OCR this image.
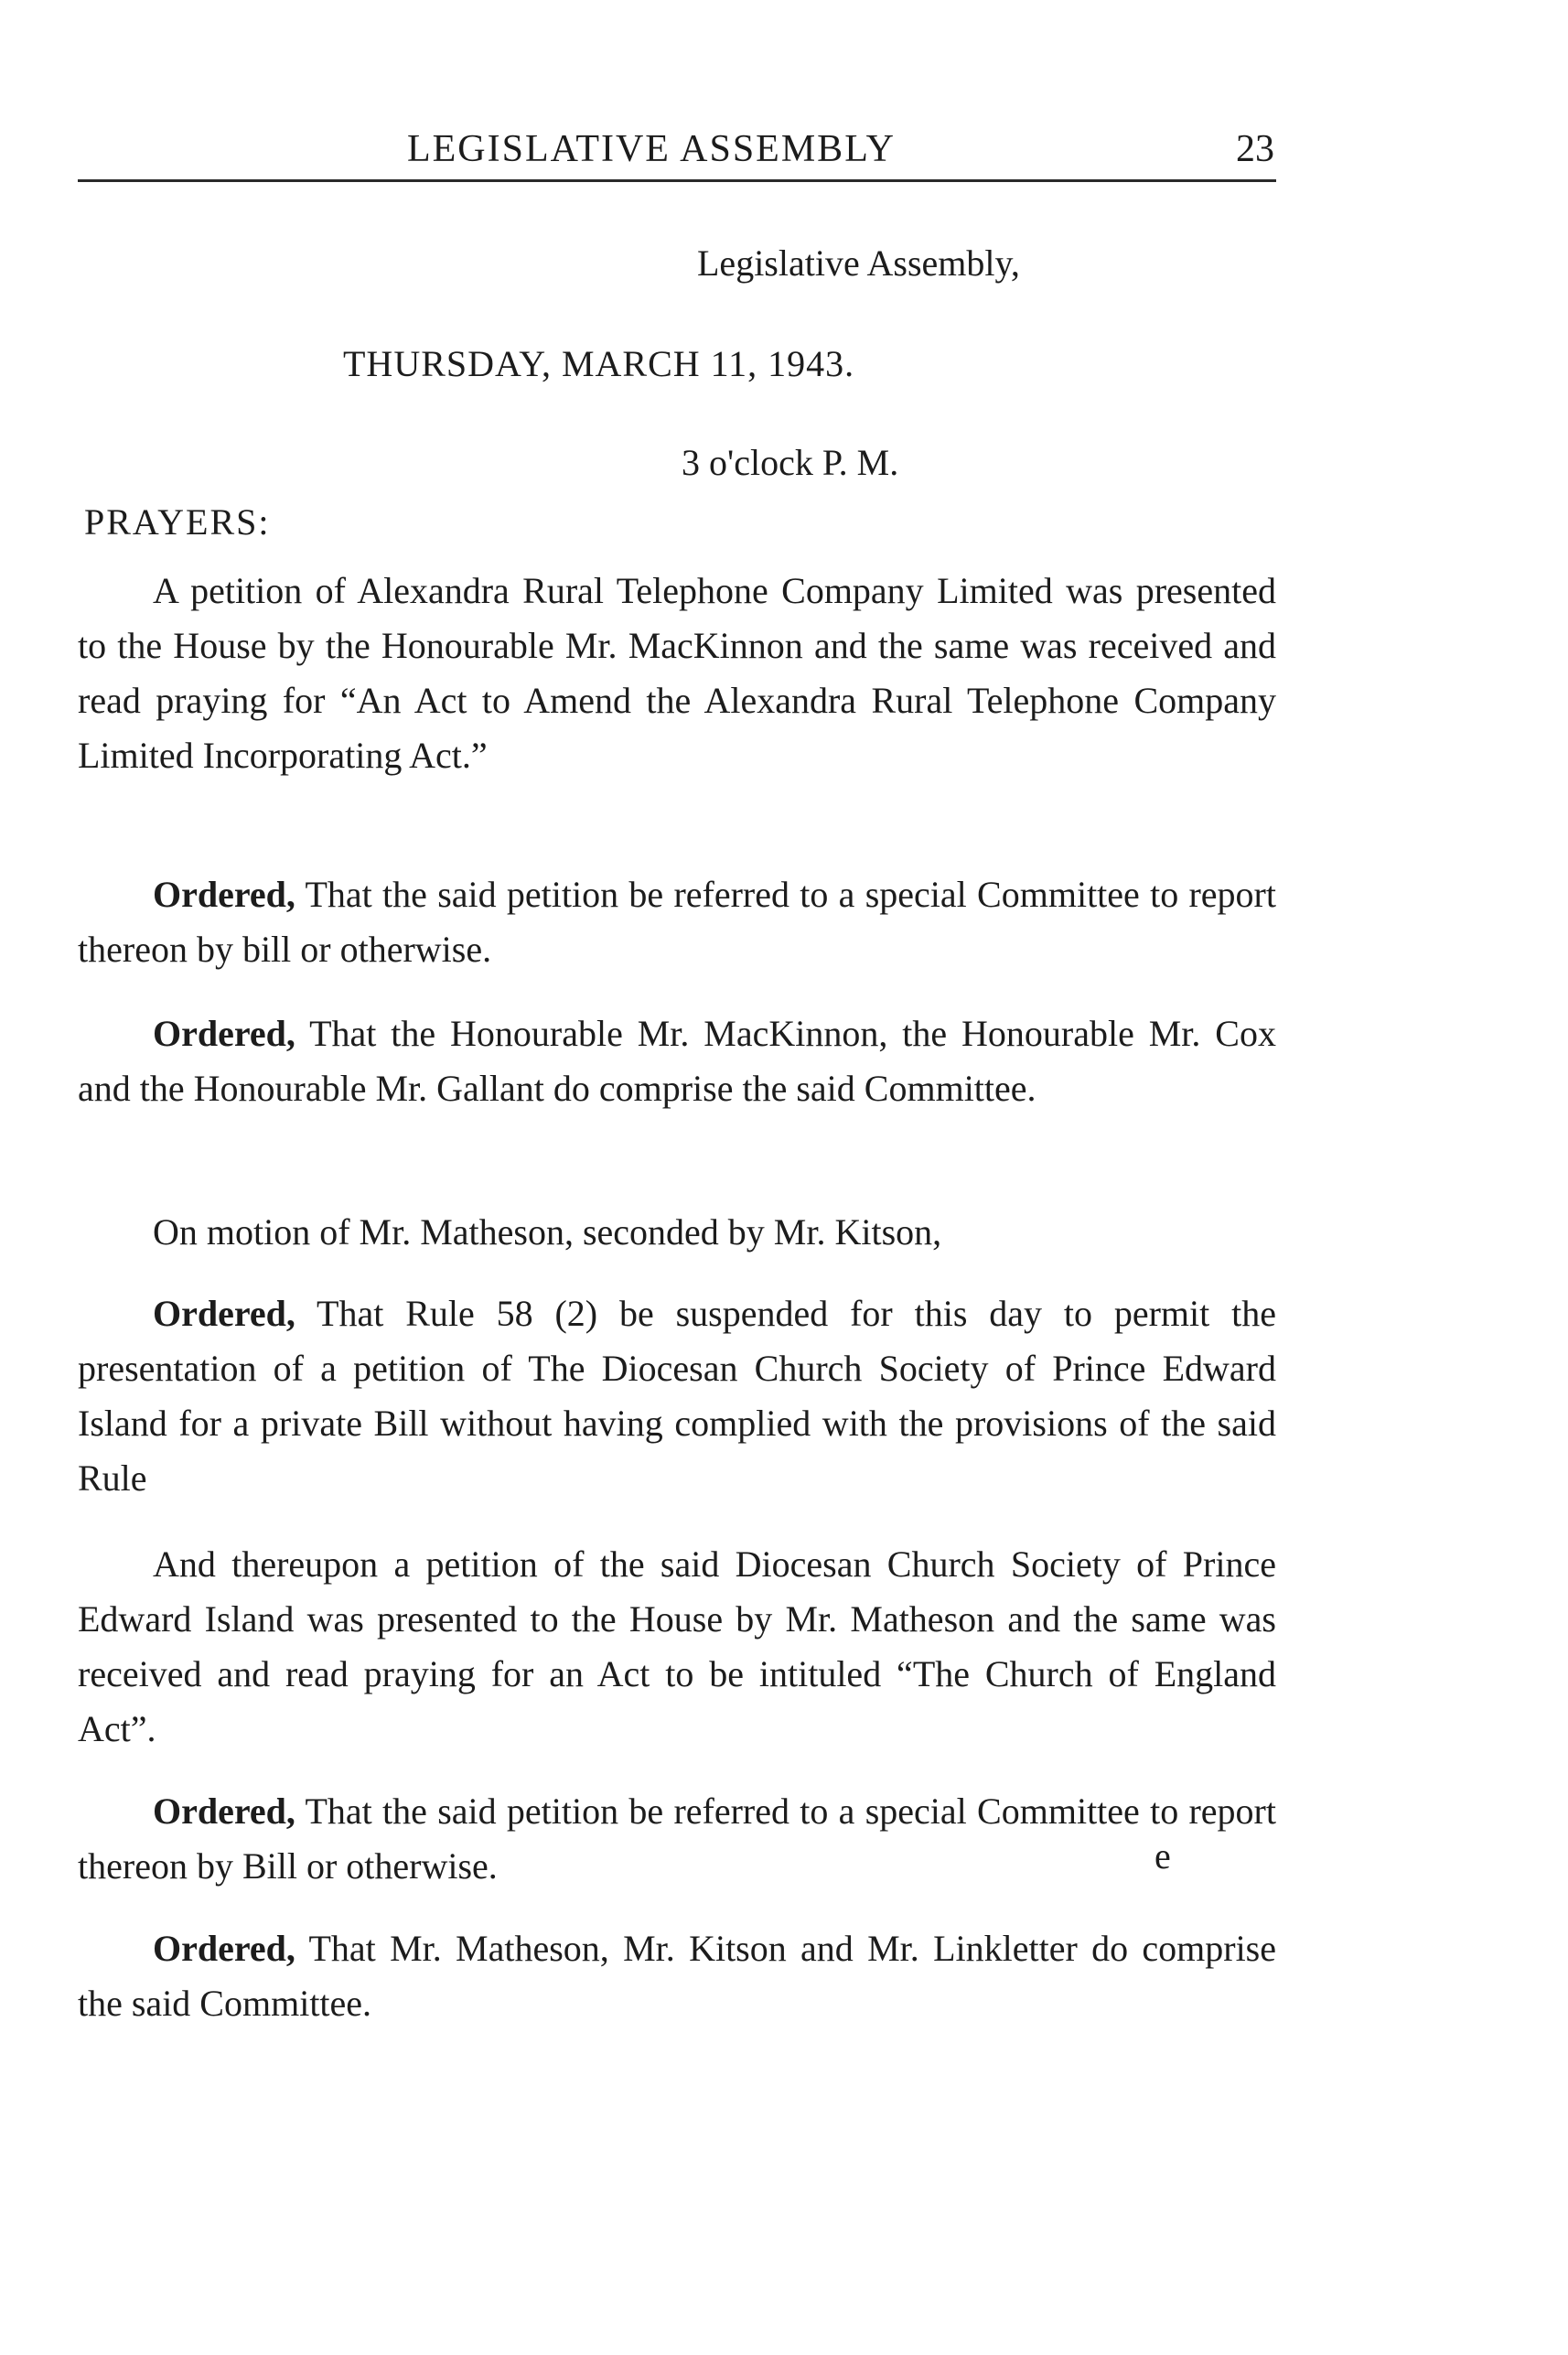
LEGISLATIVE ASSEMBLY	23
Legislative Assembly,
THURSDAY, MARCH 11, 1943.
3 o'clock P. M.
PRAYERS:

A petition of Alexandra Rural Telephone Company Limited was presented to the House by the Honourable Mr. MacKinnon and the same was received and read praying for “An Act to Amend the Alexandra Rural Telephone Company Limited Incorporating Act.”

Ordered, That the said petition be referred to a special Committee to report thereon by bill or otherwise.

Ordered, That the Honourable Mr. MacKinnon, the Honourable Mr. Cox and the Honourable Mr. Gallant do comprise the said Committee.

On motion of Mr. Matheson, seconded by Mr. Kitson,

Ordered, That Rule 58 (2) be suspended for this day to permit the presentation of a petition of The Diocesan Church Society of Prince Edward Island for a private Bill without having complied with the provisions of the said Rule

And thereupon a petition of the said Diocesan Church Society of Prince Edward Island was presented to the House by Mr. Matheson and the same was received and read praying for an Act to be intituled “The Church of England Act”.

Ordered, That the said petition be referred to a special Committee to report thereon by Bill or otherwise.	e

Ordered, That Mr. Matheson, Mr. Kitson and Mr. Linkletter do comprise the said Committee.
